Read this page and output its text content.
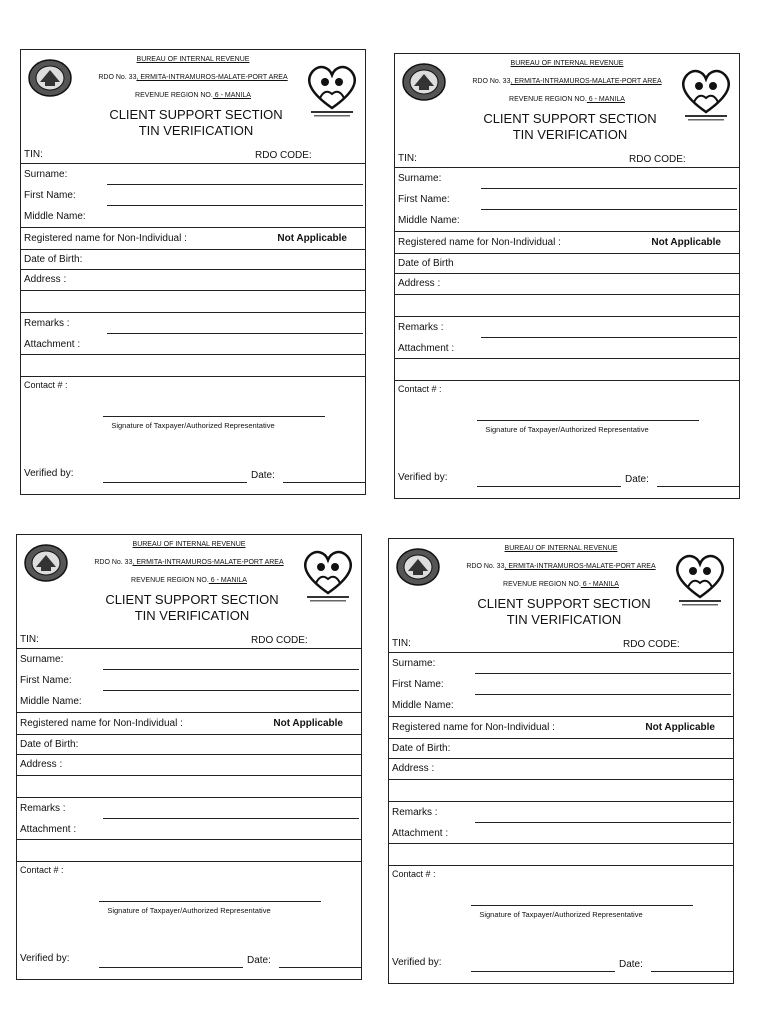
BUREAU OF INTERNAL REVENUE
RDO No. 33, ERMITA-INTRAMUROS-MALATE-PORT AREA
REVENUE REGION NO. 6 - MANILA
CLIENT SUPPORT SECTION
TIN VERIFICATION
TIN:	RDO CODE:
Surname:
First Name:
Middle Name:
Registered name for Non-Individual :	Not Applicable
Date of Birth:
Address :
Remarks :
Attachment :
Contact # :
Signature of Taxpayer/Authorized Representative
Verified by:	Date:
BUREAU OF INTERNAL REVENUE
RDO No. 33, ERMITA-INTRAMUROS-MALATE-PORT AREA
REVENUE REGION NO. 6 - MANILA
CLIENT SUPPORT SECTION
TIN VERIFICATION
TIN:	RDO CODE:
Surname:
First Name:
Middle Name:
Registered name for Non-Individual :	Not Applicable
Date of Birth
Address :
Remarks :
Attachment :
Contact # :
Signature of Taxpayer/Authorized Representative
Verified by:	Date:
BUREAU OF INTERNAL REVENUE
RDO No. 33, ERMITA-INTRAMUROS-MALATE-PORT AREA
REVENUE REGION NO. 6 - MANILA
CLIENT SUPPORT SECTION
TIN VERIFICATION
TIN:	RDO CODE:
Surname:
First Name:
Middle Name:
Registered name for Non-Individual :	Not Applicable
Date of Birth:
Address :
Remarks :
Attachment :
Contact # :
Signature of Taxpayer/Authorized Representative
Verified by:	Date:
BUREAU OF INTERNAL REVENUE
RDO No. 33, ERMITA-INTRAMUROS-MALATE-PORT AREA
REVENUE REGION NO. 6 - MANILA
CLIENT SUPPORT SECTION
TIN VERIFICATION
TIN:	RDO CODE:
Surname:
First Name:
Middle Name:
Registered name for Non-Individual :	Not Applicable
Date of Birth:
Address :
Remarks :
Attachment :
Contact # :
Signature of Taxpayer/Authorized Representative
Verified by:	Date:
